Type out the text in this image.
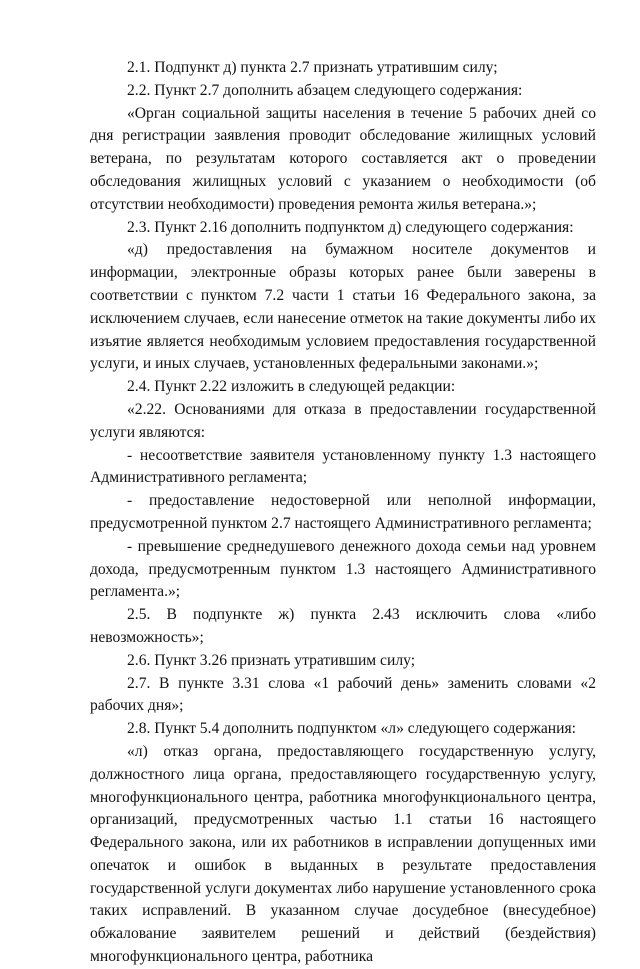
2.1. Подпункт д) пункта 2.7 признать утратившим силу;

2.2. Пункт 2.7 дополнить абзацем следующего содержания:

«Орган социальной защиты населения в течение 5 рабочих дней со дня регистрации заявления проводит обследование жилищных условий ветерана, по результатам которого составляется акт о проведении обследования жилищных условий с указанием о необходимости (об отсутствии необходимости) проведения ремонта жилья ветерана.»;

2.3. Пункт 2.16 дополнить подпунктом д) следующего содержания:

«д) предоставления на бумажном носителе документов и информации, электронные образы которых ранее были заверены в соответствии с пунктом 7.2 части 1 статьи 16 Федерального закона, за исключением случаев, если нанесение отметок на такие документы либо их изъятие является необходимым условием предоставления государственной услуги, и иных случаев, установленных федеральными законами.»;

2.4. Пункт 2.22 изложить в следующей редакции:

«2.22. Основаниями для отказа в предоставлении государственной услуги являются:

- несоответствие заявителя установленному пункту 1.3 настоящего Административного регламента;

- предоставление недостоверной или неполной информации, предусмотренной пунктом 2.7 настоящего Административного регламента;

- превышение среднедушевого денежного дохода семьи над уровнем дохода, предусмотренным пунктом 1.3 настоящего Административного регламента.»;

2.5. В подпункте ж) пункта 2.43 исключить слова «либо невозможность»;

2.6. Пункт 3.26 признать утратившим силу;

2.7. В пункте 3.31 слова «1 рабочий день» заменить словами «2 рабочих дня»;

2.8. Пункт 5.4 дополнить подпунктом «л» следующего содержания:

«л) отказ органа, предоставляющего государственную услугу, должностного лица органа, предоставляющего государственную услугу, многофункционального центра, работника многофункционального центра, организаций, предусмотренных частью 1.1 статьи 16 настоящего Федерального закона, или их работников в исправлении допущенных ими опечаток и ошибок в выданных в результате предоставления государственной услуги документах либо нарушение установленного срока таких исправлений. В указанном случае досудебное (внесудебное) обжалование заявителем решений и действий (бездействия) многофункционального центра, работника
